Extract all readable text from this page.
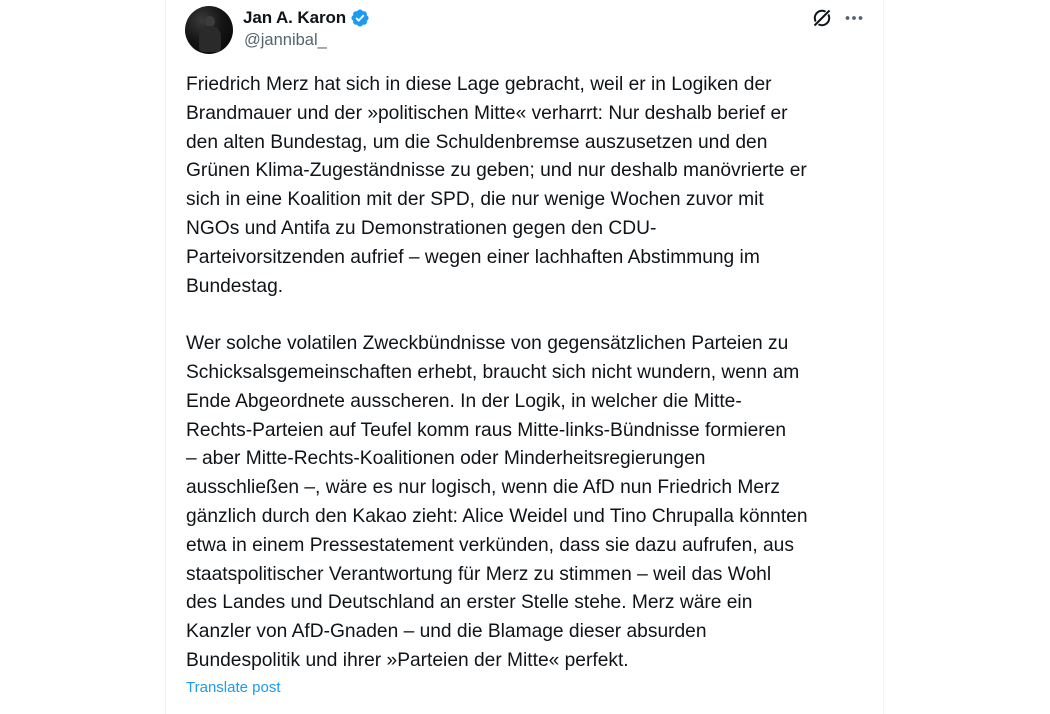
Jan A. Karon
@jannibal_
Friedrich Merz hat sich in diese Lage gebracht, weil er in Logiken der
Brandmauer und der »politischen Mitte« verharrt: Nur deshalb berief er
den alten Bundestag, um die Schuldenbremse auszusetzen und den
Grünen Klima-Zugeständnisse zu geben; und nur deshalb manövrierte er
sich in eine Koalition mit der SPD, die nur wenige Wochen zuvor mit
NGOs und Antifa zu Demonstrationen gegen den CDU-
Parteivorsitzenden aufrief – wegen einer lachhaften Abstimmung im
Bundestag.
Wer solche volatilen Zweckbündnisse von gegensätzlichen Parteien zu
Schicksalsgemeinschaften erhebt, braucht sich nicht wundern, wenn am
Ende Abgeordnete ausscheren. In der Logik, in welcher die Mitte-
Rechts-Parteien auf Teufel komm raus Mitte-links-Bündnisse formieren
– aber Mitte-Rechts-Koalitionen oder Minderheitsregierungen
ausschließen –, wäre es nur logisch, wenn die AfD nun Friedrich Merz
gänzlich durch den Kakao zieht: Alice Weidel und Tino Chrupalla könnten
etwa in einem Pressestatement verkünden, dass sie dazu aufrufen, aus
staatspolitischer Verantwortung für Merz zu stimmen – weil das Wohl
des Landes und Deutschland an erster Stelle stehe. Merz wäre ein
Kanzler von AfD-Gnaden – und die Blamage dieser absurden
Bundespolitik und ihrer »Parteien der Mitte« perfekt.
Translate post
